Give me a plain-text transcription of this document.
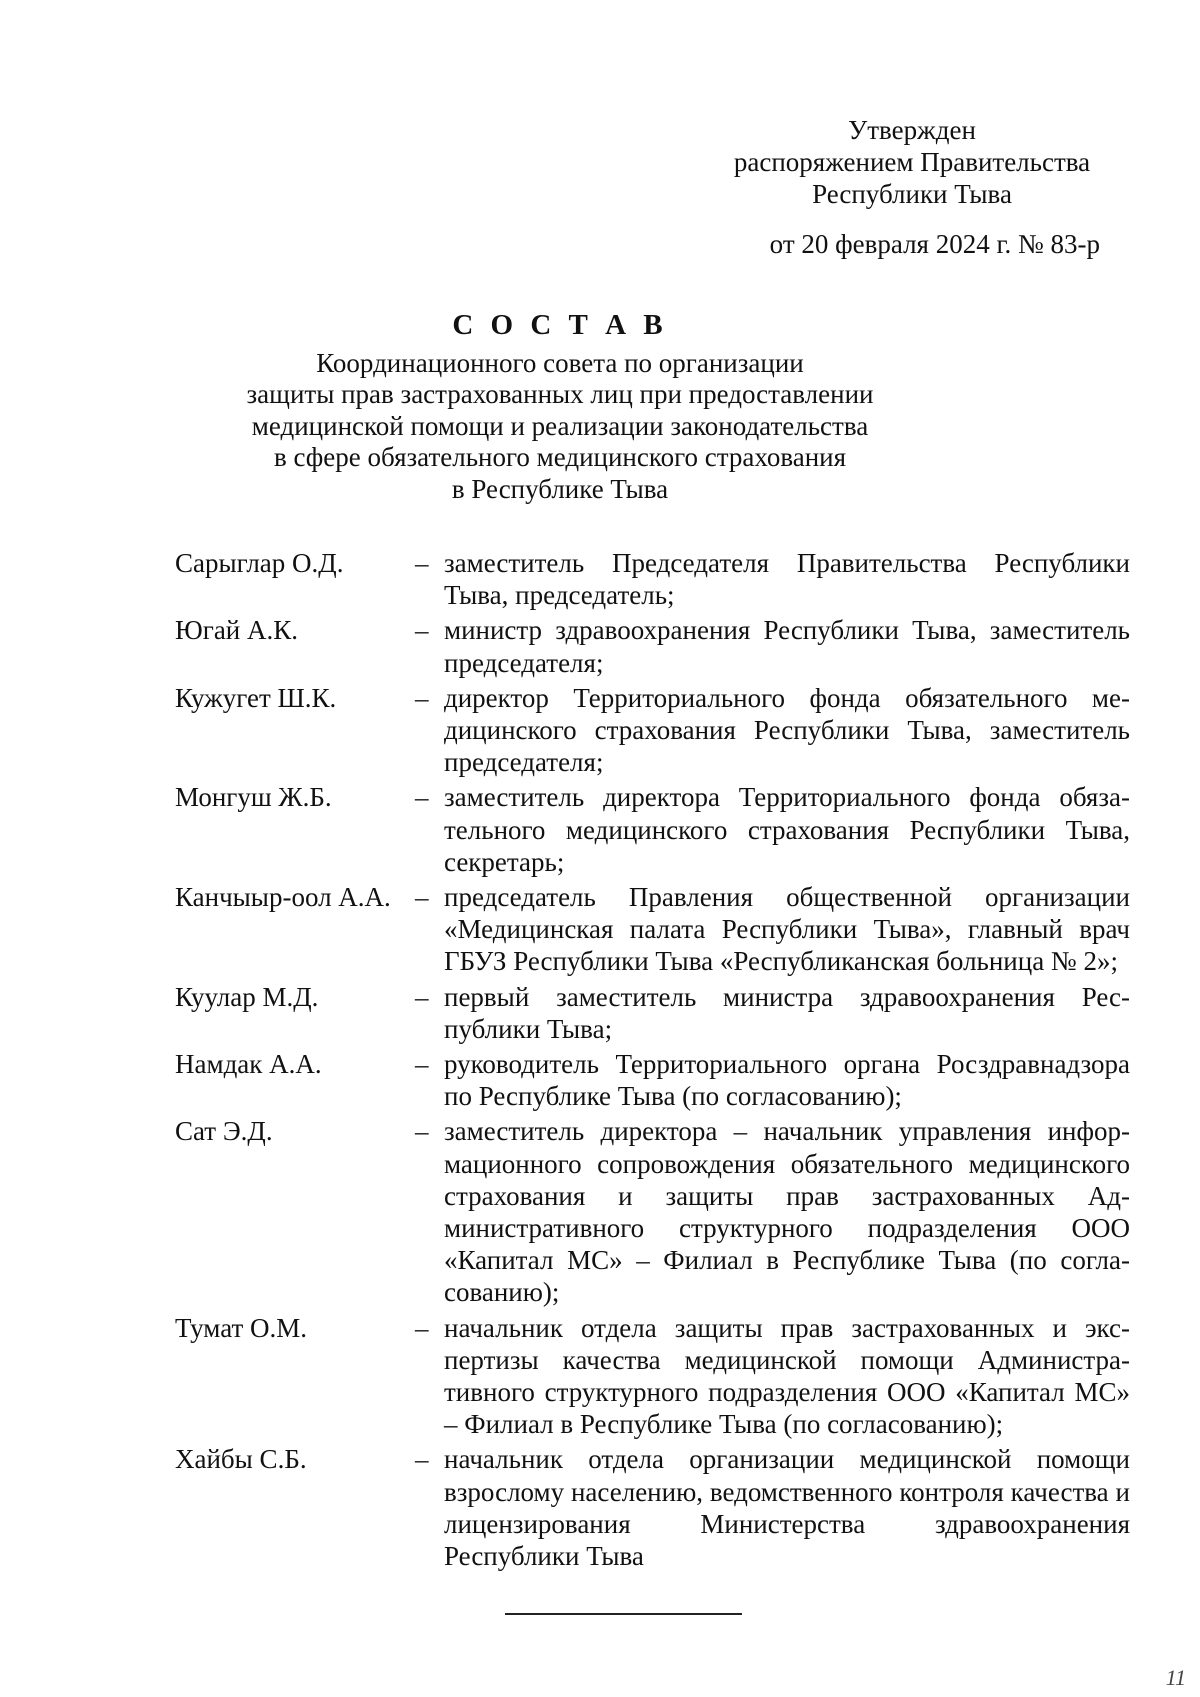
Утвержден
распоряжением Правительства
Республики Тыва
от 20 февраля 2024 г. № 83-р
С О С Т А В
Координационного совета по организации
защиты прав застрахованных лиц при предоставлении
медицинской помощи и реализации законодательства
в сфере обязательного медицинского страхования
в Республике Тыва
Сарыглар О.Д.	– заместитель Председателя Правительства Республики Тыва, председатель;
Югай А.К.	– министр здравоохранения Республики Тыва, заместитель председателя;
Кужугет Ш.К.	– директор Территориального фонда обязательного медицинского страхования Республики Тыва, заместитель председателя;
Монгуш Ж.Б.	– заместитель директора Территориального фонда обязательного медицинского страхования Республики Тыва, секретарь;
Канчыыр-оол А.А. – председатель Правления общественной организации «Медицинская палата Республики Тыва», главный врач ГБУЗ Республики Тыва «Республиканская больница № 2»;
Куулар М.Д.	– первый заместитель министра здравоохранения Республики Тыва;
Намдак А.А.	– руководитель Территориального органа Росздравнадзора по Республике Тыва (по согласованию);
Сат Э.Д.	– заместитель директора – начальник управления информационного сопровождения обязательного медицинского страхования и защиты прав застрахованных Административного структурного подразделения ООО «Капитал МС» – Филиал в Республике Тыва (по согласованию);
Тумат О.М.	– начальник отдела защиты прав застрахованных и экспертизы качества медицинской помощи Административного структурного подразделения ООО «Капитал МС» – Филиал в Республике Тыва (по согласованию);
Хайбы С.Б.	– начальник отдела организации медицинской помощи взрослому населению, ведомственного контроля качества и лицензирования Министерства здравоохранения Республики Тыва
11
